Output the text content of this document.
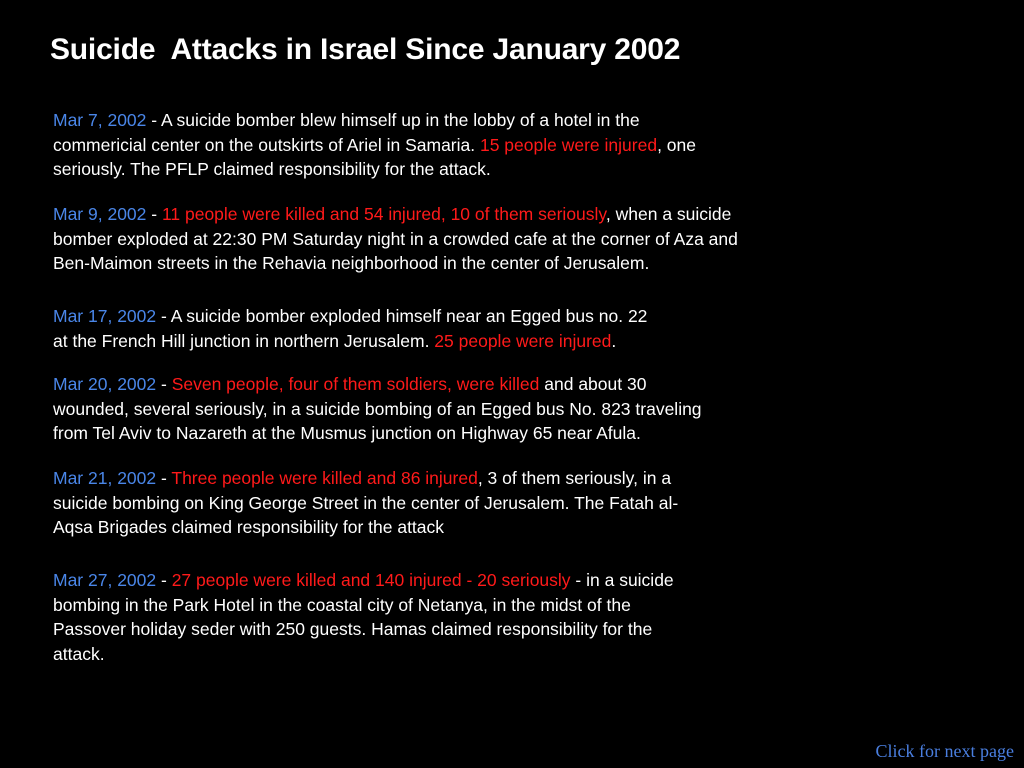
Suicide  Attacks in Israel Since January 2002

Mar 7, 2002 - A suicide bomber blew himself up in the lobby of a hotel in the
commericial center on the outskirts of Ariel in Samaria. 15 people were injured, one
seriously. The PFLP claimed responsibility for the attack.

Mar 9, 2002 - 11 people were killed and 54 injured, 10 of them seriously, when a suicide
bomber exploded at 22:30 PM Saturday night in a crowded cafe at the corner of Aza and
Ben-Maimon streets in the Rehavia neighborhood in the center of Jerusalem.

Mar 17, 2002 - A suicide bomber exploded himself near an Egged bus no. 22
at the French Hill junction in northern Jerusalem. 25 people were injured.

Mar 20, 2002 - Seven people, four of them soldiers, were killed and about 30
wounded, several seriously, in a suicide bombing of an Egged bus No. 823 traveling
from Tel Aviv to Nazareth at the Musmus junction on Highway 65 near Afula.

Mar 21, 2002 - Three people were killed and 86 injured, 3 of them seriously, in a
suicide bombing on King George Street in the center of Jerusalem. The Fatah al-
Aqsa Brigades claimed responsibility for the attack

Mar 27, 2002 - 27 people were killed and 140 injured - 20 seriously - in a suicide
bombing in the Park Hotel in the coastal city of Netanya, in the midst of the
Passover holiday seder with 250 guests. Hamas claimed responsibility for the
attack.

Click for next page
